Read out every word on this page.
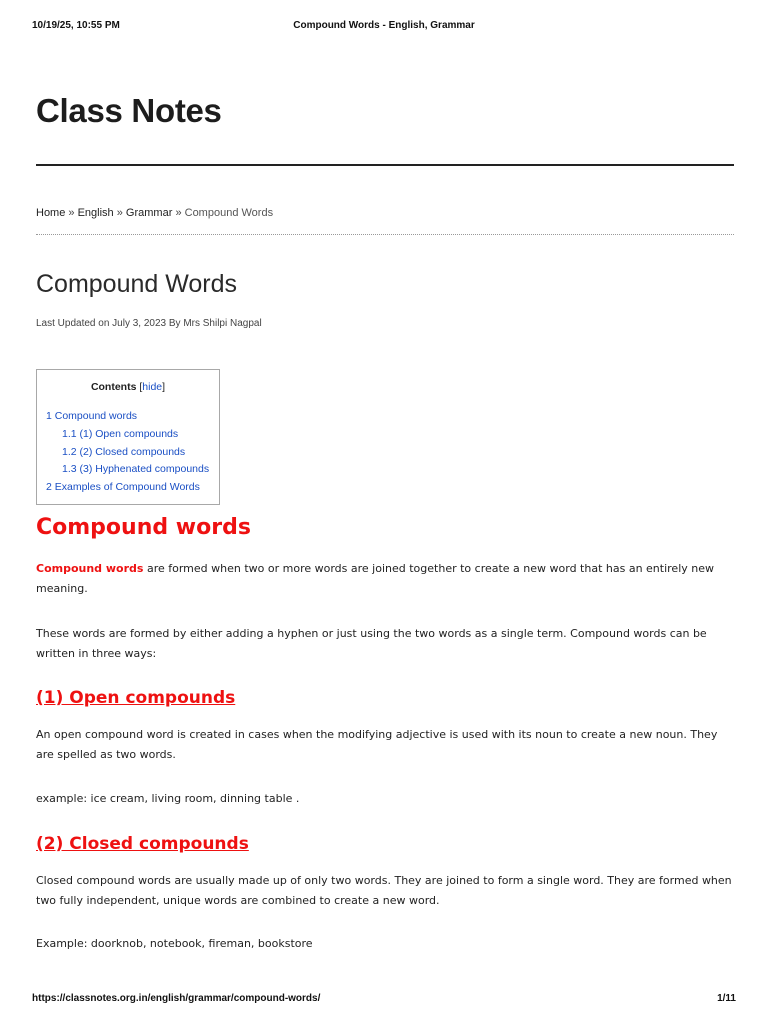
10/19/25, 10:55 PM	Compound Words - English, Grammar
Class Notes
Home » English » Grammar » Compound Words
Compound Words
Last Updated on July 3, 2023 By Mrs Shilpi Nagpal
Contents [hide]
1 Compound words
1.1 (1) Open compounds
1.2 (2) Closed compounds
1.3 (3) Hyphenated compounds
2 Examples of Compound Words
Compound words

Compound words are formed when two or more words are joined together to create a new word that has an entirely new meaning.

These words are formed by either adding a hyphen or just using the two words as a single term. Compound words can be written in three ways:

(1) Open compounds

An open compound word is created in cases when the modifying adjective is used with its noun to create a new noun. They are spelled as two words.

example: ice cream, living room, dinning table .

(2) Closed compounds

Closed compound words are usually made up of only two words. They are joined to form a single word. They are formed when two fully independent, unique words are combined to create a new word.

Example: doorknob, notebook, fireman, bookstore

https://classnotes.org.in/english/grammar/compound-words/	1/11
